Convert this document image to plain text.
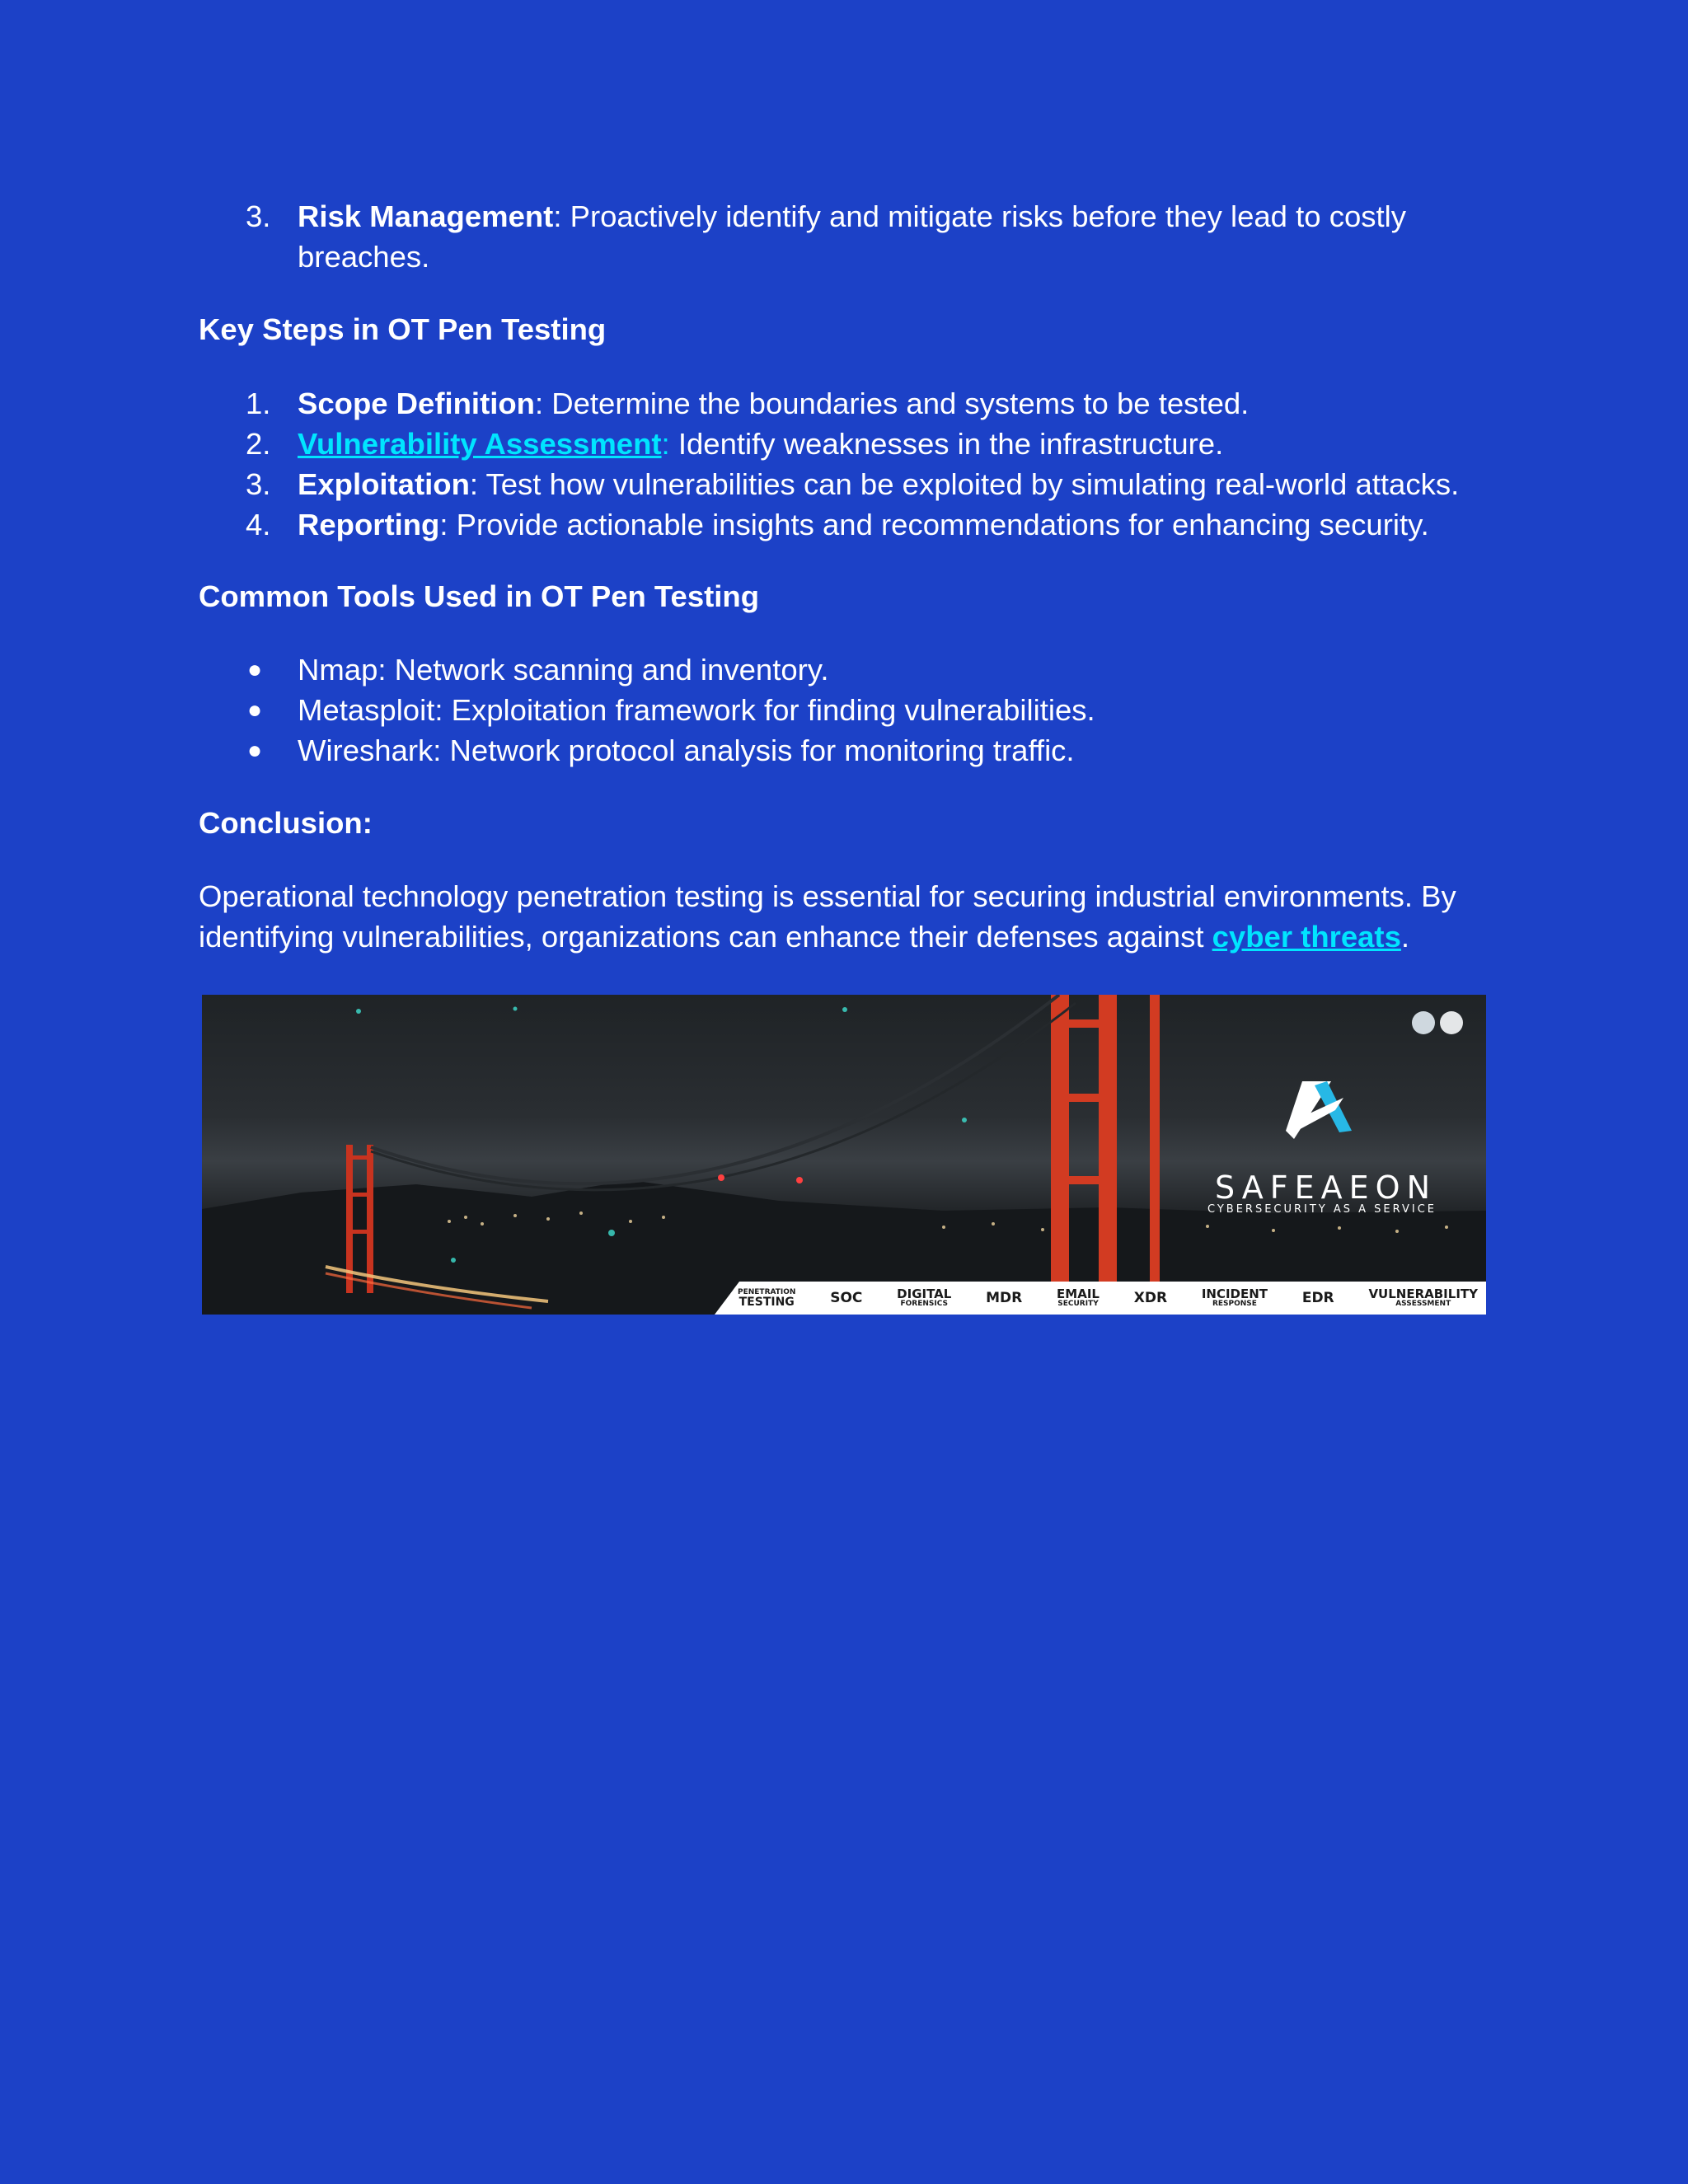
3. Risk Management: Proactively identify and mitigate risks before they lead to costly
breaches.
Key Steps in OT Pen Testing
1. Scope Definition: Determine the boundaries and systems to be tested.
2. Vulnerability Assessment: Identify weaknesses in the infrastructure.
3. Exploitation: Test how vulnerabilities can be exploited by simulating real-world attacks.
4. Reporting: Provide actionable insights and recommendations for enhancing security.
Common Tools Used in OT Pen Testing
● Nmap: Network scanning and inventory.
● Metasploit: Exploitation framework for finding vulnerabilities.
● Wireshark: Network protocol analysis for monitoring traffic.
Conclusion:

Operational technology penetration testing is essential for securing industrial environments. By
identifying vulnerabilities, organizations can enhance their defenses against cyber threats.

SAFEAEON
CYBERSECURITY AS A SERVICE
PENETRATION
TESTING	SOC	DIGITAL
FORENSICS	MDR	EMAIL
SECURITY	XDR	INCIDENT
RESPONSE	EDR	VULNERABILITY
ASSESSMENT
